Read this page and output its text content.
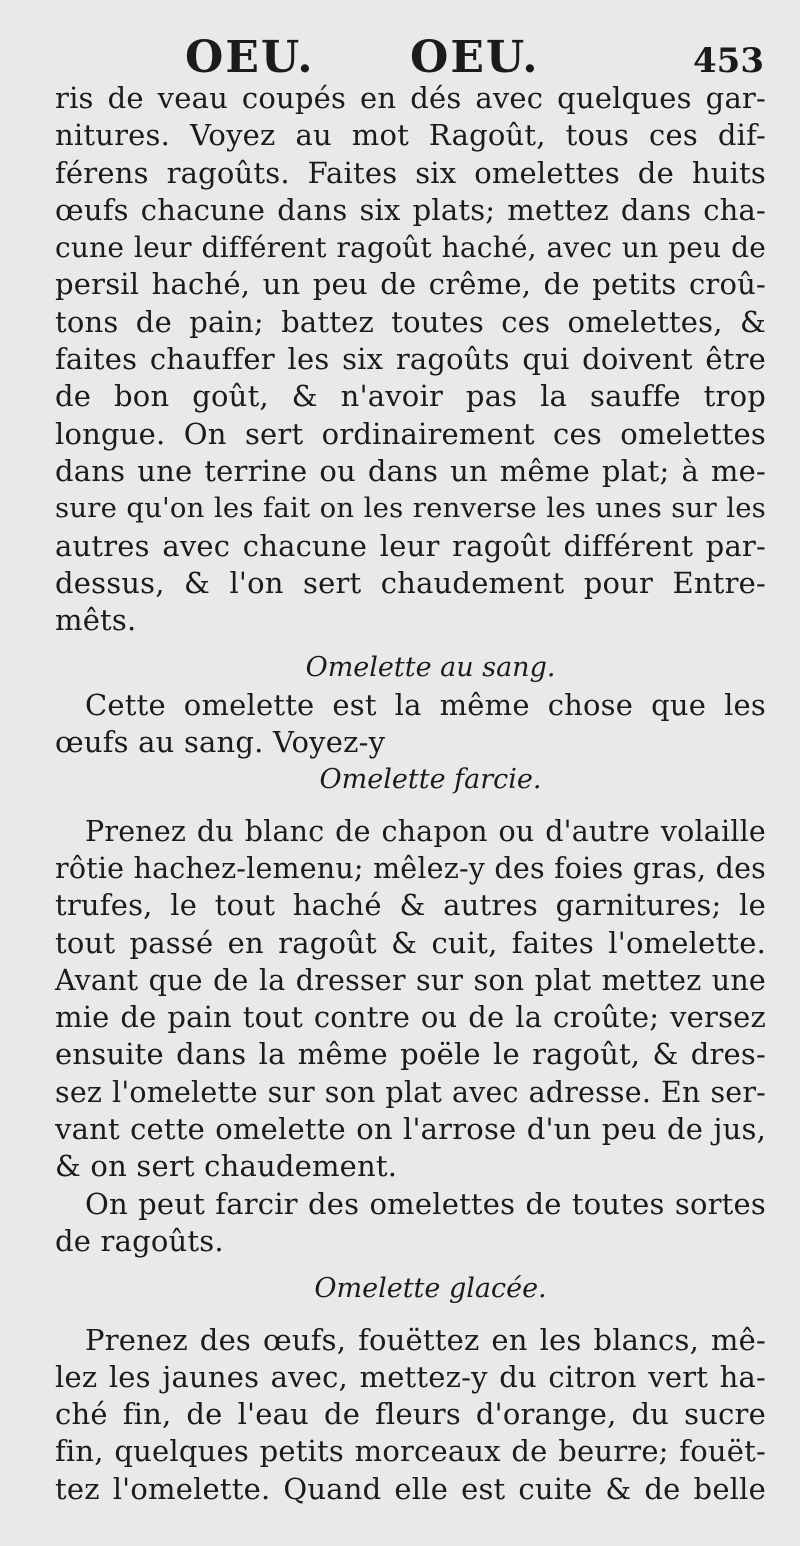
OEU. OEU.	453
ris de veau coupés en dés avec quelques gar-
nitures. Voyez au mot Ragoût, tous ces dif-
férens ragoûts. Faites six omelettes de huits
œufs chacune dans six plats; mettez dans cha-
cune leur différent ragoût haché, avec un peu de
persil haché, un peu de crême, de petits croû-
tons de pain; battez toutes ces omelettes, &
faites chauffer les six ragoûts qui doivent être
de bon goût, & n'avoir pas la sauffe trop
longue. On sert ordinairement ces omelettes
dans une terrine ou dans un même plat; à me-
sure qu'on les fait on les renverse les unes sur les
autres avec chacune leur ragoût différent par-
dessus, & l'on sert chaudement pour Entre-
mêts.
Omelette au sang.
Cette omelette est la même chose que les
œufs au sang. Voyez-y
Omelette farcie.
Prenez du blanc de chapon ou d'autre volaille
rôtie hachez-lemenu; mêlez-y des foies gras, des
trufes, le tout haché & autres garnitures; le
tout passé en ragoût & cuit, faites l'omelette.
Avant que de la dresser sur son plat mettez une
mie de pain tout contre ou de la croûte; versez
ensuite dans la même poële le ragoût, & dres-
sez l'omelette sur son plat avec adresse. En ser-
vant cette omelette on l'arrose d'un peu de jus,
& on sert chaudement.
On peut farcir des omelettes de toutes sortes
de ragoûts.
Omelette glacée.
Prenez des œufs, fouëttez en les blancs, mê-
lez les jaunes avec, mettez-y du citron vert ha-
ché fin, de l'eau de fleurs d'orange, du sucre
fin, quelques petits morceaux de beurre; fouët-
tez l'omelette. Quand elle est cuite & de belle
